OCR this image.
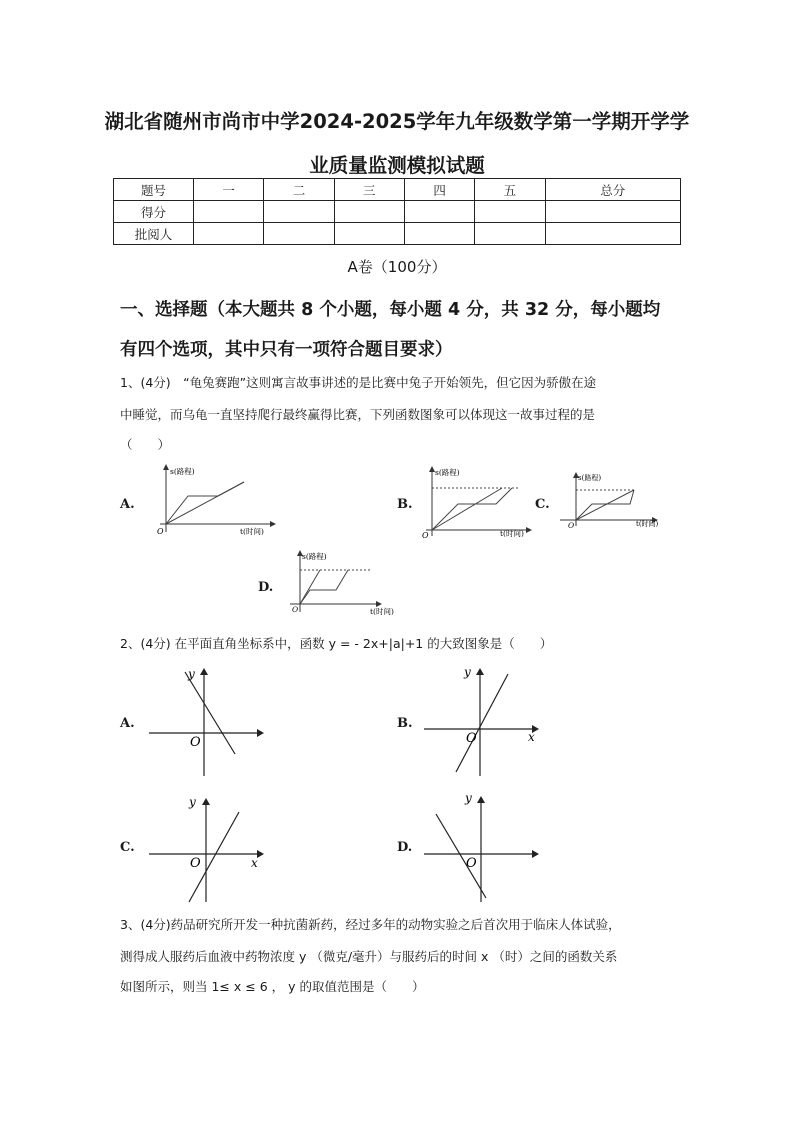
湖北省随州市尚市中学2024-2025学年九年级数学第一学期开学学
业质量监测模拟试题
题号	一	二	三	四	五	总分
得分						
批阅人						
A卷（100分）
一、选择题（本大题共 8 个小题，每小题 4 分，共 32 分，每小题均
有四个选项，其中只有一项符合题目要求）
1、(4分)　“龟兔赛跑”这则寓言故事讲述的是比赛中兔子开始领先，但它因为骄傲在途
中睡觉，而乌龟一直坚持爬行最终赢得比赛，下列函数图象可以体现这一故事过程的是
（　　）
A.
s(路程)
t(时间)
O
B.
s(路程)
t(时间)
O
C.
s(路程)
t(时间)
O
D.
s(路程)
t(时间)
O
2、(4分) 在平面直角坐标系中，函数 y = - 2x+|a|+1 的大致图象是（　　）
A.
y
O
B.
y
O	x
C.
y
O	x
D.
y
O
3、(4分)药品研究所开发一种抗菌新药，经过多年的动物实验之后首次用于临床人体试验，
测得成人服药后血液中药物浓度 y （微克/毫升）与服药后的时间 x （时）之间的函数关系
如图所示，则当 1≤ x ≤ 6 ， y 的取值范围是（　　）
